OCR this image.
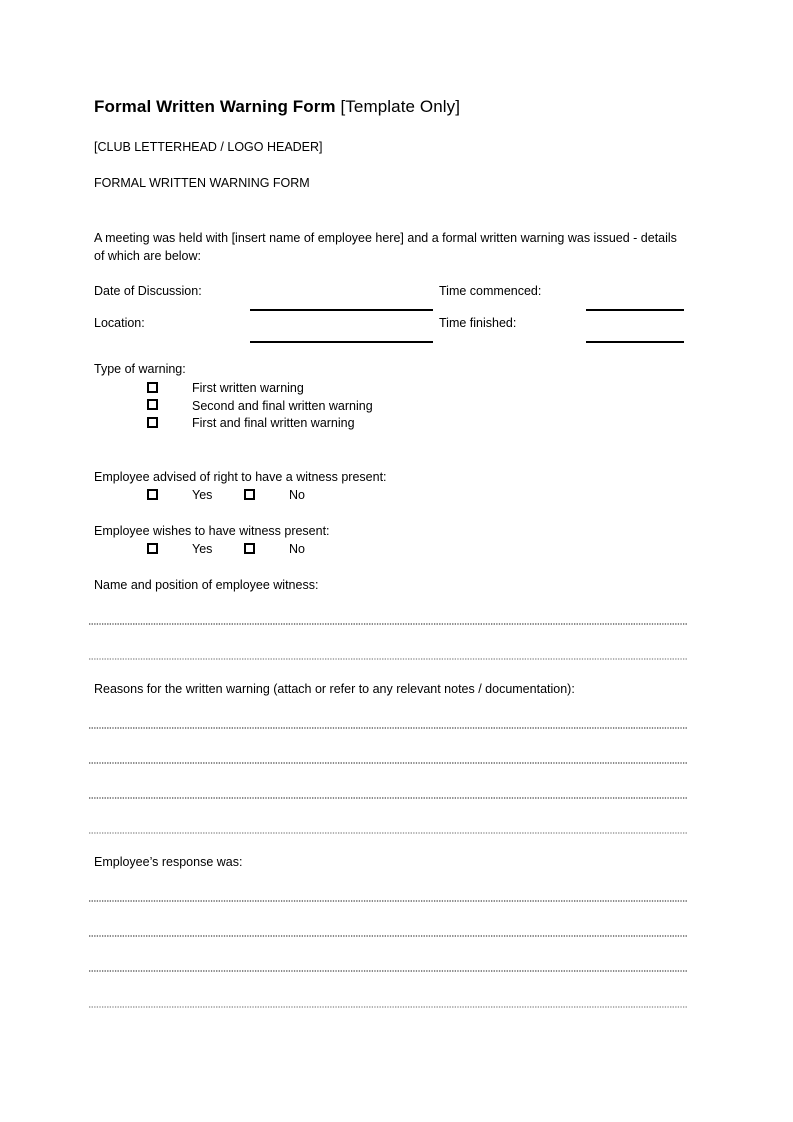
Formal Written Warning Form [Template Only]
[CLUB LETTERHEAD / LOGO HEADER]
FORMAL WRITTEN WARNING FORM
A meeting was held with [insert name of employee here] and a formal written warning was issued - details of which are below:
Date of Discussion:
Location:
Time commenced:
Time finished:
Type of warning:
First written warning
Second and final written warning
First and final written warning
Employee advised of right to have a witness present:
Yes	No
Employee wishes to have witness present:
Yes	No
Name and position of employee witness:
Reasons for the written warning (attach or refer to any relevant notes / documentation):
Employee’s response was:
